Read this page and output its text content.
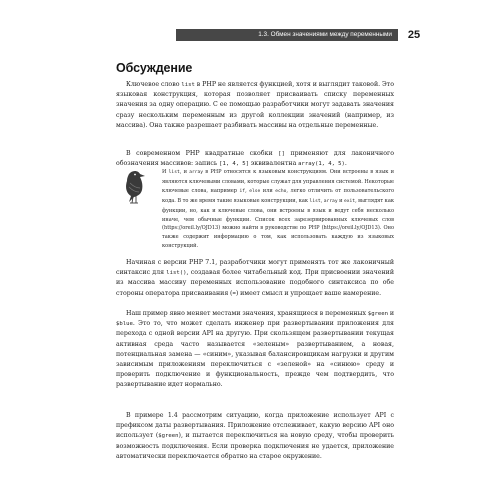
1.3. Обмен значениями между переменными	25
Обсуждение

Ключевое слово list в PHP не является функцией, хотя и выглядит таковой. Это языковая конструкция, которая позволяет присваивать списку переменных значения за одну операцию. С ее помощью разработчики могут задавать значения сразу нескольким переменным из другой коллекции значений (например, из массива). Она также разрешает разбивать массивы на отдельные переменные.

В современном PHP квадратные скобки [] применяют для лаконичного обозначения массивов: запись [1, 4, 5] эквивалентна array(1, 4, 5).

И list, и array в PHP относятся к языковым конструкциям. Они встроены в язык и являются ключевыми словами, которые служат для управления системой. Некоторые ключевые слова, например if, else или echo, легко отличить от пользовательского кода. В то же время такие языковые конструкции, как list, array и exit, выглядят как функции, но, как и ключевые слова, они встроены в язык и ведут себя несколько иначе, чем обычные функции. Список всех зарезервированных ключевых слов (https://oreil.ly/OJD13) можно найти в руководстве по PHP (https://oreil.ly/OJD13). Оно также содержит информацию о том, как использовать каждую из языковых конструкций.

Начиная с версии PHP 7.1, разработчики могут применять тот же лаконичный синтаксис для list(), создавая более читабельный код. При присвоении значений из массива массиву переменных использование подобного синтаксиса по обе стороны оператора присваивания (=) имеет смысл и упрощает ваше намерение.

Наш пример явно меняет местами значения, хранящиеся в переменных $green и $blue. Это то, что может сделать инженер при развертывании приложения для перехода с одной версии API на другую. При скользящем развертывании текущая активная среда часто называется «зеленым» развертыванием, а новая, потенциальная замена — «синим», указывая балансировщикам нагрузки и другим зависимым приложениям переключиться с «зеленой» на «синюю» среду и проверить подключение и функциональность, прежде чем подтвердить, что развертывание идет нормально.

В примере 1.4 рассмотрим ситуацию, когда приложение использует API с префиксом даты развертывания. Приложение отслеживает, какую версию API оно использует ($green), и пытается переключиться на новую среду, чтобы проверить возможность подключения. Если проверка подключения не удается, приложение автоматически переключается обратно на старое окружение.
